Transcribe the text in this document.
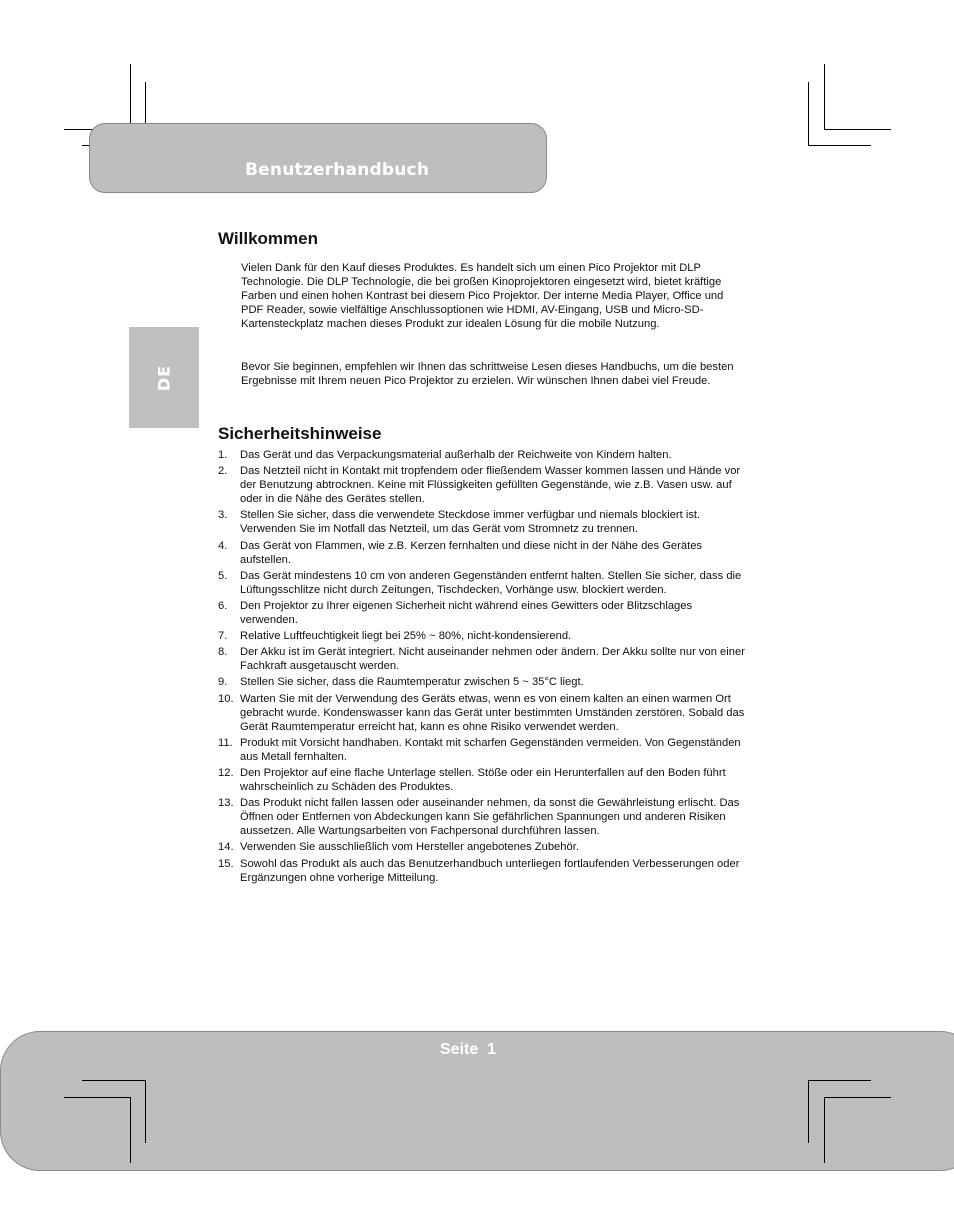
Benutzerhandbuch
DE
Willkommen

Vielen Dank für den Kauf dieses Produktes. Es handelt sich um einen Pico Projektor mit DLP Technologie. Die DLP Technologie, die bei großen Kinoprojektoren eingesetzt wird, bietet kräftige Farben und einen hohen Kontrast bei diesem Pico Projektor. Der interne Media Player, Office und PDF Reader, sowie vielfältige Anschlussoptionen wie HDMI, AV-Eingang, USB und Micro-SD-Kartensteckplatz machen dieses Produkt zur idealen Lösung für die mobile Nutzung.

Bevor Sie beginnen, empfehlen wir Ihnen das schrittweise Lesen dieses Handbuchs, um die besten Ergebnisse mit Ihrem neuen Pico Projektor zu erzielen. Wir wünschen Ihnen dabei viel Freude.

Sicherheitshinweise
1. Das Gerät und das Verpackungsmaterial außerhalb der Reichweite von Kindern halten.
2. Das Netzteil nicht in Kontakt mit tropfendem oder fließendem Wasser kommen lassen und Hände vor der Benutzung abtrocknen. Keine mit Flüssigkeiten gefüllten Gegenstände, wie z.B. Vasen usw. auf oder in die Nähe des Gerätes stellen.
3. Stellen Sie sicher, dass die verwendete Steckdose immer verfügbar und niemals blockiert ist. Verwenden Sie im Notfall das Netzteil, um das Gerät vom Stromnetz zu trennen.
4. Das Gerät von Flammen, wie z.B. Kerzen fernhalten und diese nicht in der Nähe des Gerätes aufstellen.
5. Das Gerät mindestens 10 cm von anderen Gegenständen entfernt halten. Stellen Sie sicher, dass die Lüftungsschlitze nicht durch Zeitungen, Tischdecken, Vorhänge usw. blockiert werden.
6. Den Projektor zu Ihrer eigenen Sicherheit nicht während eines Gewitters oder Blitzschlages verwenden.
7. Relative Luftfeuchtigkeit liegt bei 25% ~ 80%, nicht-kondensierend.
8. Der Akku ist im Gerät integriert. Nicht auseinander nehmen oder ändern. Der Akku sollte nur von einer Fachkraft ausgetauscht werden.
9. Stellen Sie sicher, dass die Raumtemperatur zwischen 5 ~ 35°C liegt.
10. Warten Sie mit der Verwendung des Geräts etwas, wenn es von einem kalten an einen warmen Ort gebracht wurde. Kondenswasser kann das Gerät unter bestimmten Umständen zerstören. Sobald das Gerät Raumtemperatur erreicht hat, kann es ohne Risiko verwendet werden.
11. Produkt mit Vorsicht handhaben. Kontakt mit scharfen Gegenständen vermeiden. Von Gegenständen aus Metall fernhalten.
12. Den Projektor auf eine flache Unterlage stellen. Stöße oder ein Herunterfallen auf den Boden führt wahrscheinlich zu Schäden des Produktes.
13. Das Produkt nicht fallen lassen oder auseinander nehmen, da sonst die Gewährleistung erlischt. Das Öffnen oder Entfernen von Abdeckungen kann Sie gefährlichen Spannungen und anderen Risiken aussetzen. Alle Wartungsarbeiten von Fachpersonal durchführen lassen.
14. Verwenden Sie ausschließlich vom Hersteller angebotenes Zubehör.
15. Sowohl das Produkt als auch das Benutzerhandbuch unterliegen fortlaufenden Verbesserungen oder Ergänzungen ohne vorherige Mitteilung.
Seite  1
